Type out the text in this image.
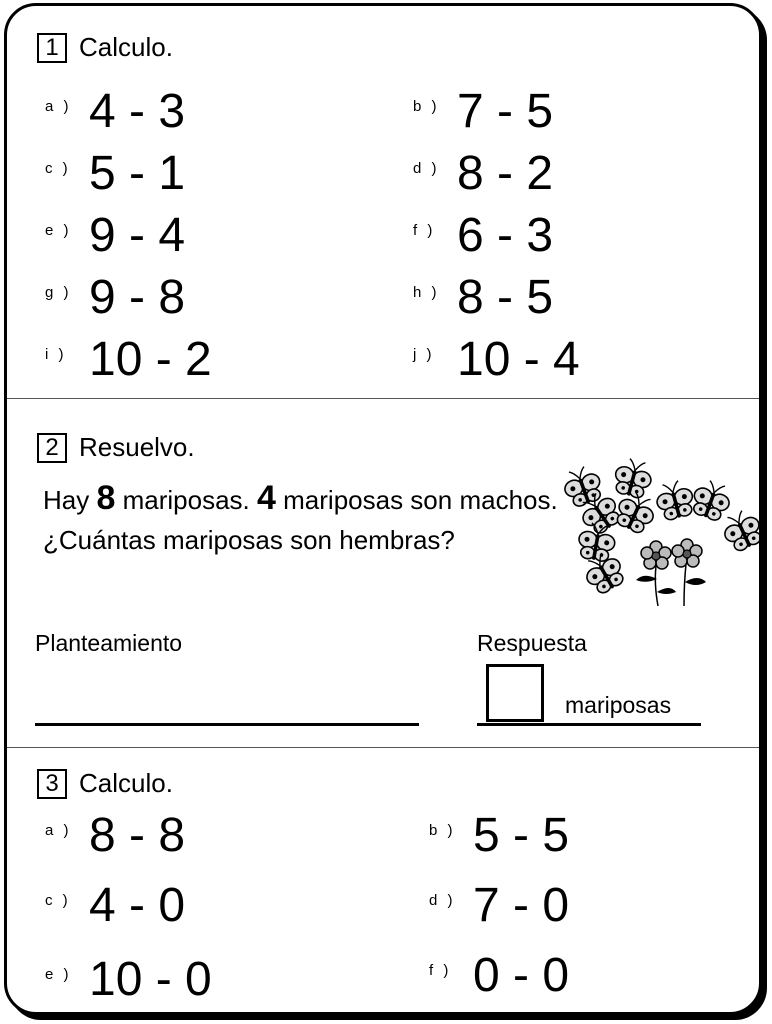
1 Calculo.
a ) 4 - 3	b ) 7 - 5
c ) 5 - 1	d ) 8 - 2
e ) 9 - 4	f ) 6 - 3
g ) 9 - 8	h ) 8 - 5
i ) 10 - 2	j ) 10 - 4
2 Resuelvo.
Hay 8 mariposas. 4 mariposas son machos. ¿Cuántas mariposas son hembras?
Planteamiento	Respuesta
mariposas
3 Calculo.
a ) 8 - 8	b ) 5 - 5
c ) 4 - 0	d ) 7 - 0
e ) 10 - 0	f ) 0 - 0
